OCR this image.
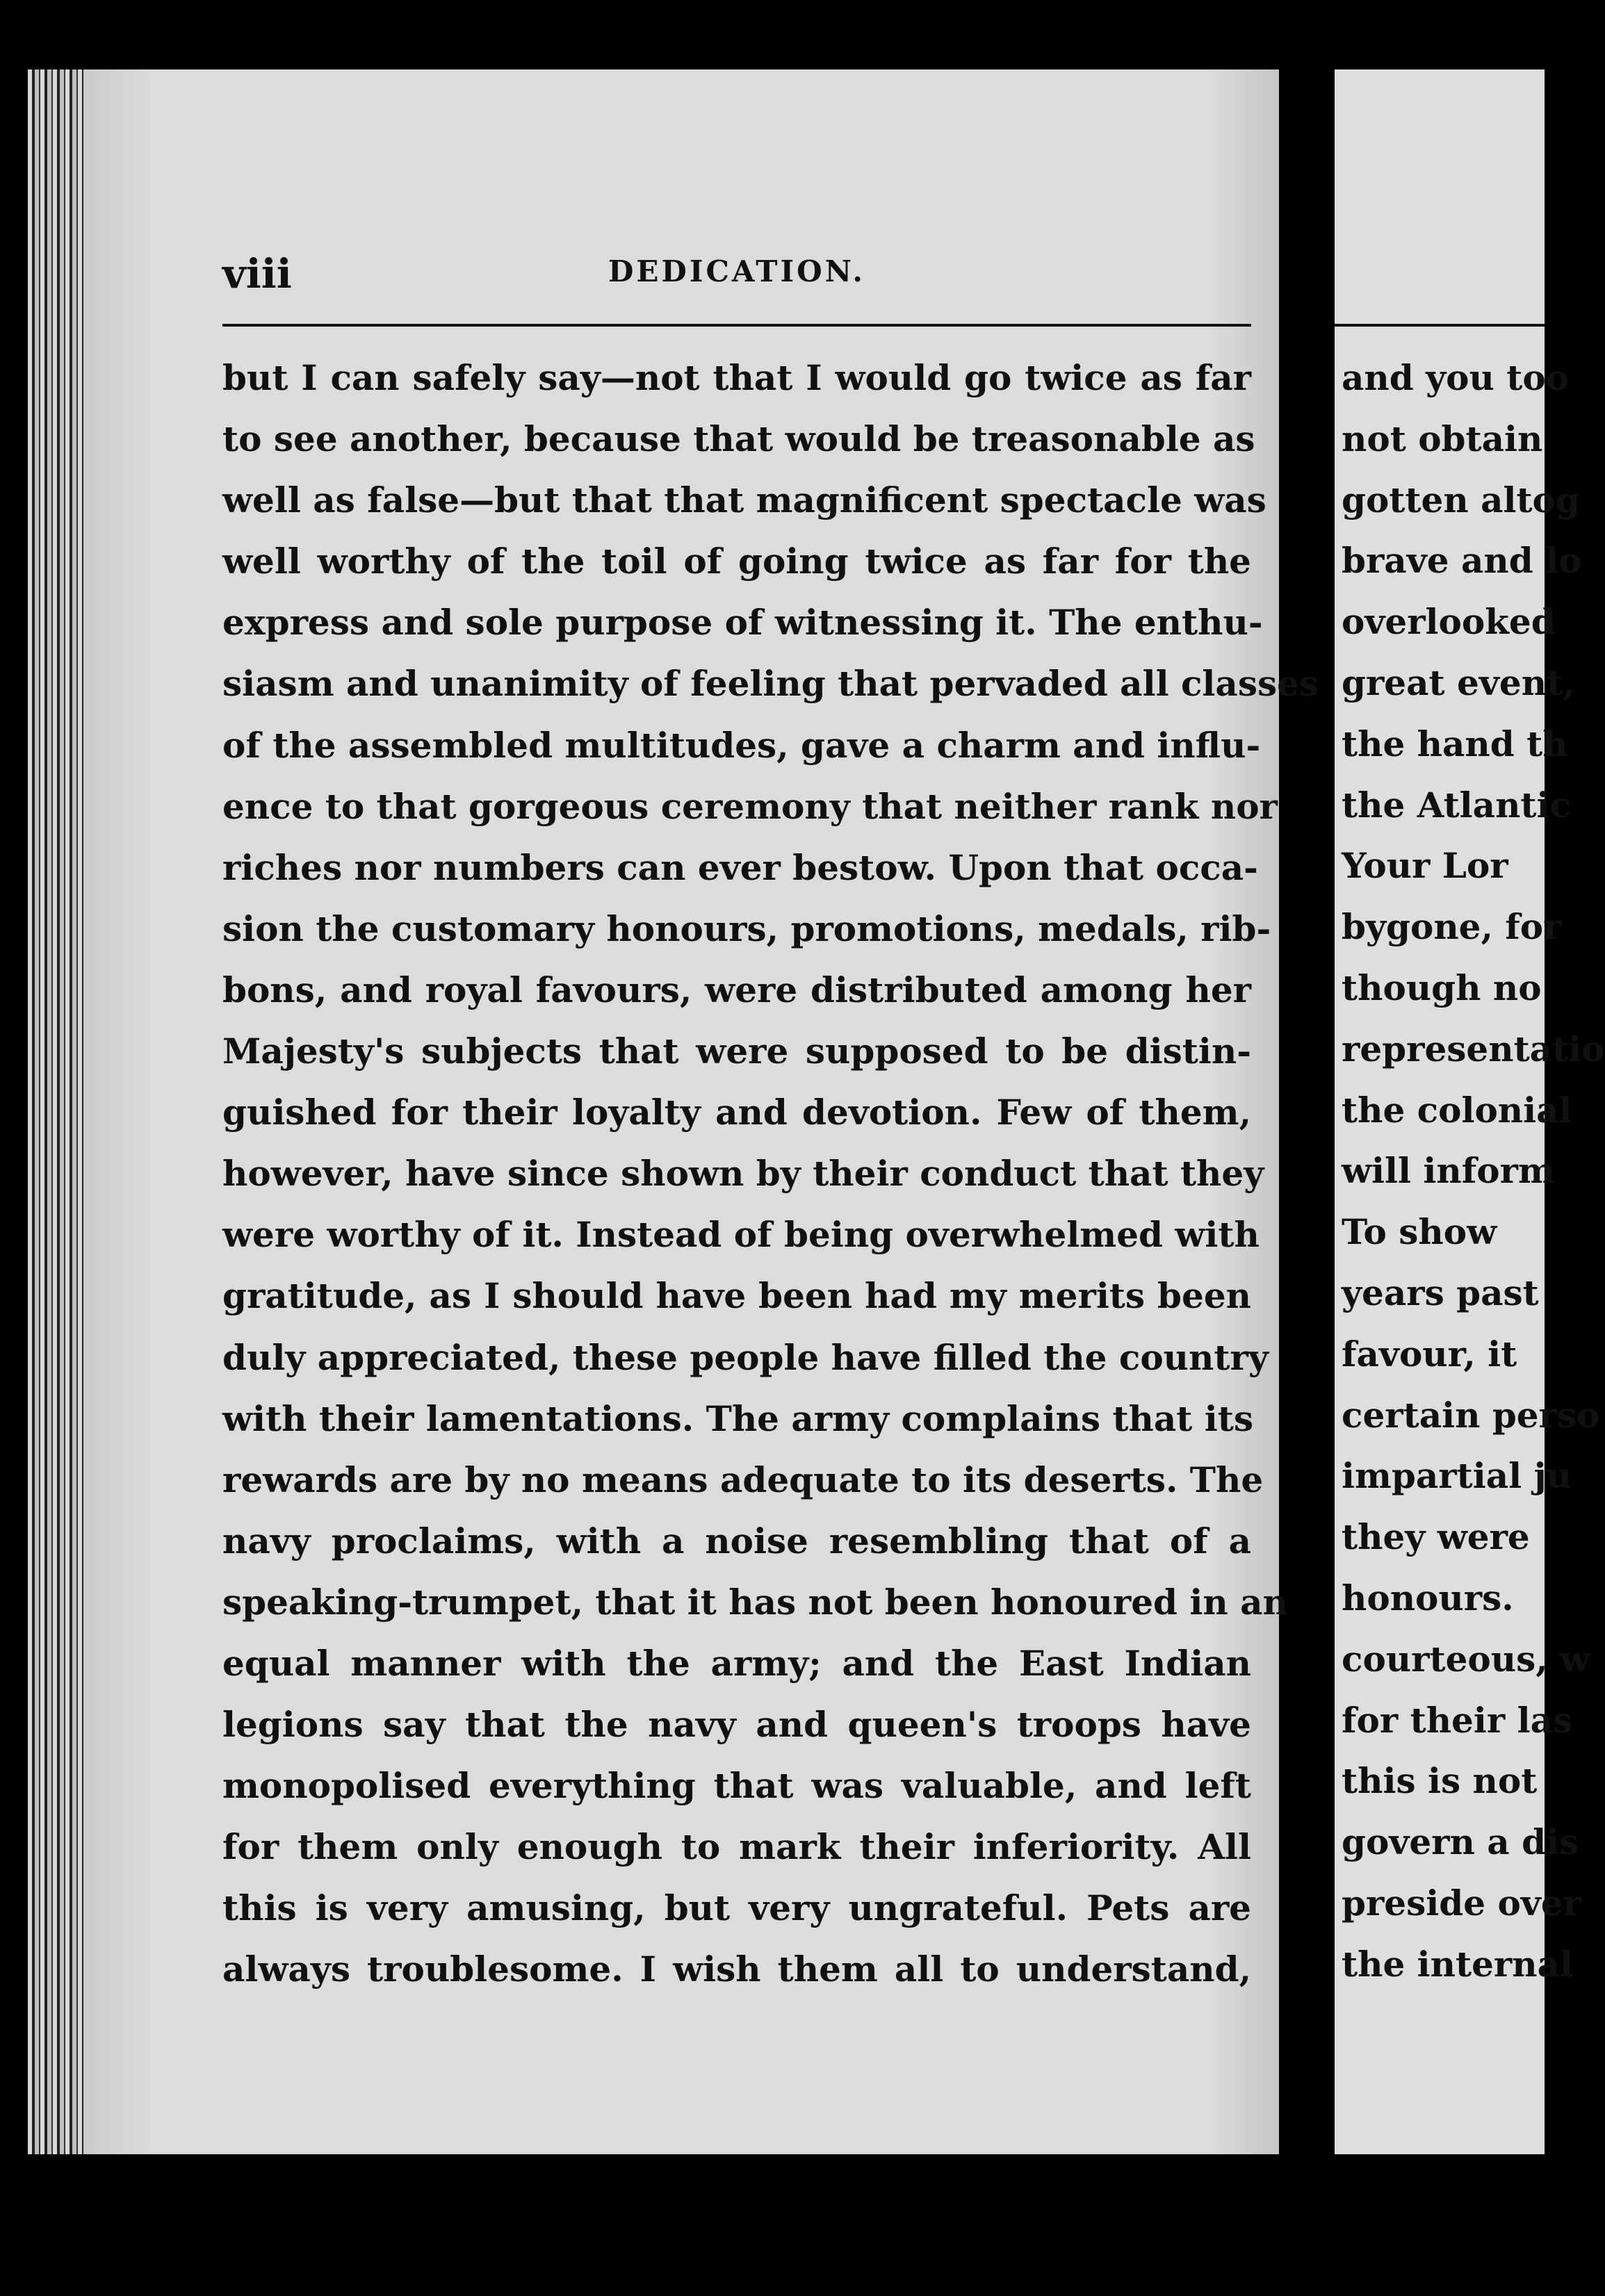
viii	DEDICATION.
but I can safely say—not that I would go twice as far
to see another, because that would be treasonable as
well as false—but that that magnificent spectacle was
well worthy of the toil of going twice as far for the
express and sole purpose of witnessing it. The enthu-
siasm and unanimity of feeling that pervaded all classes
of the assembled multitudes, gave a charm and influ-
ence to that gorgeous ceremony that neither rank nor
riches nor numbers can ever bestow. Upon that occa-
sion the customary honours, promotions, medals, rib-
bons, and royal favours, were distributed among her
Majesty's subjects that were supposed to be distin-
guished for their loyalty and devotion. Few of them,
however, have since shown by their conduct that they
were worthy of it. Instead of being overwhelmed with
gratitude, as I should have been had my merits been
duly appreciated, these people have filled the country
with their lamentations. The army complains that its
rewards are by no means adequate to its deserts. The
navy proclaims, with a noise resembling that of a
speaking-trumpet, that it has not been honoured in an
equal manner with the army; and the East Indian
legions say that the navy and queen's troops have
monopolised everything that was valuable, and left
for them only enough to mark their inferiority. All
this is very amusing, but very ungrateful. Pets are
always troublesome. I wish them all to understand,
and you too
not obtain
gotten altog
brave and lo
overlooked
great event,
the hand th
the Atlantic
Your Lor
bygone, for
though no
representatio
the colonial
will inform
To show
years past
favour, it
certain perso
impartial ju
they were
honours.
courteous, w
for their las
this is not
govern a dis
preside over
the internal
